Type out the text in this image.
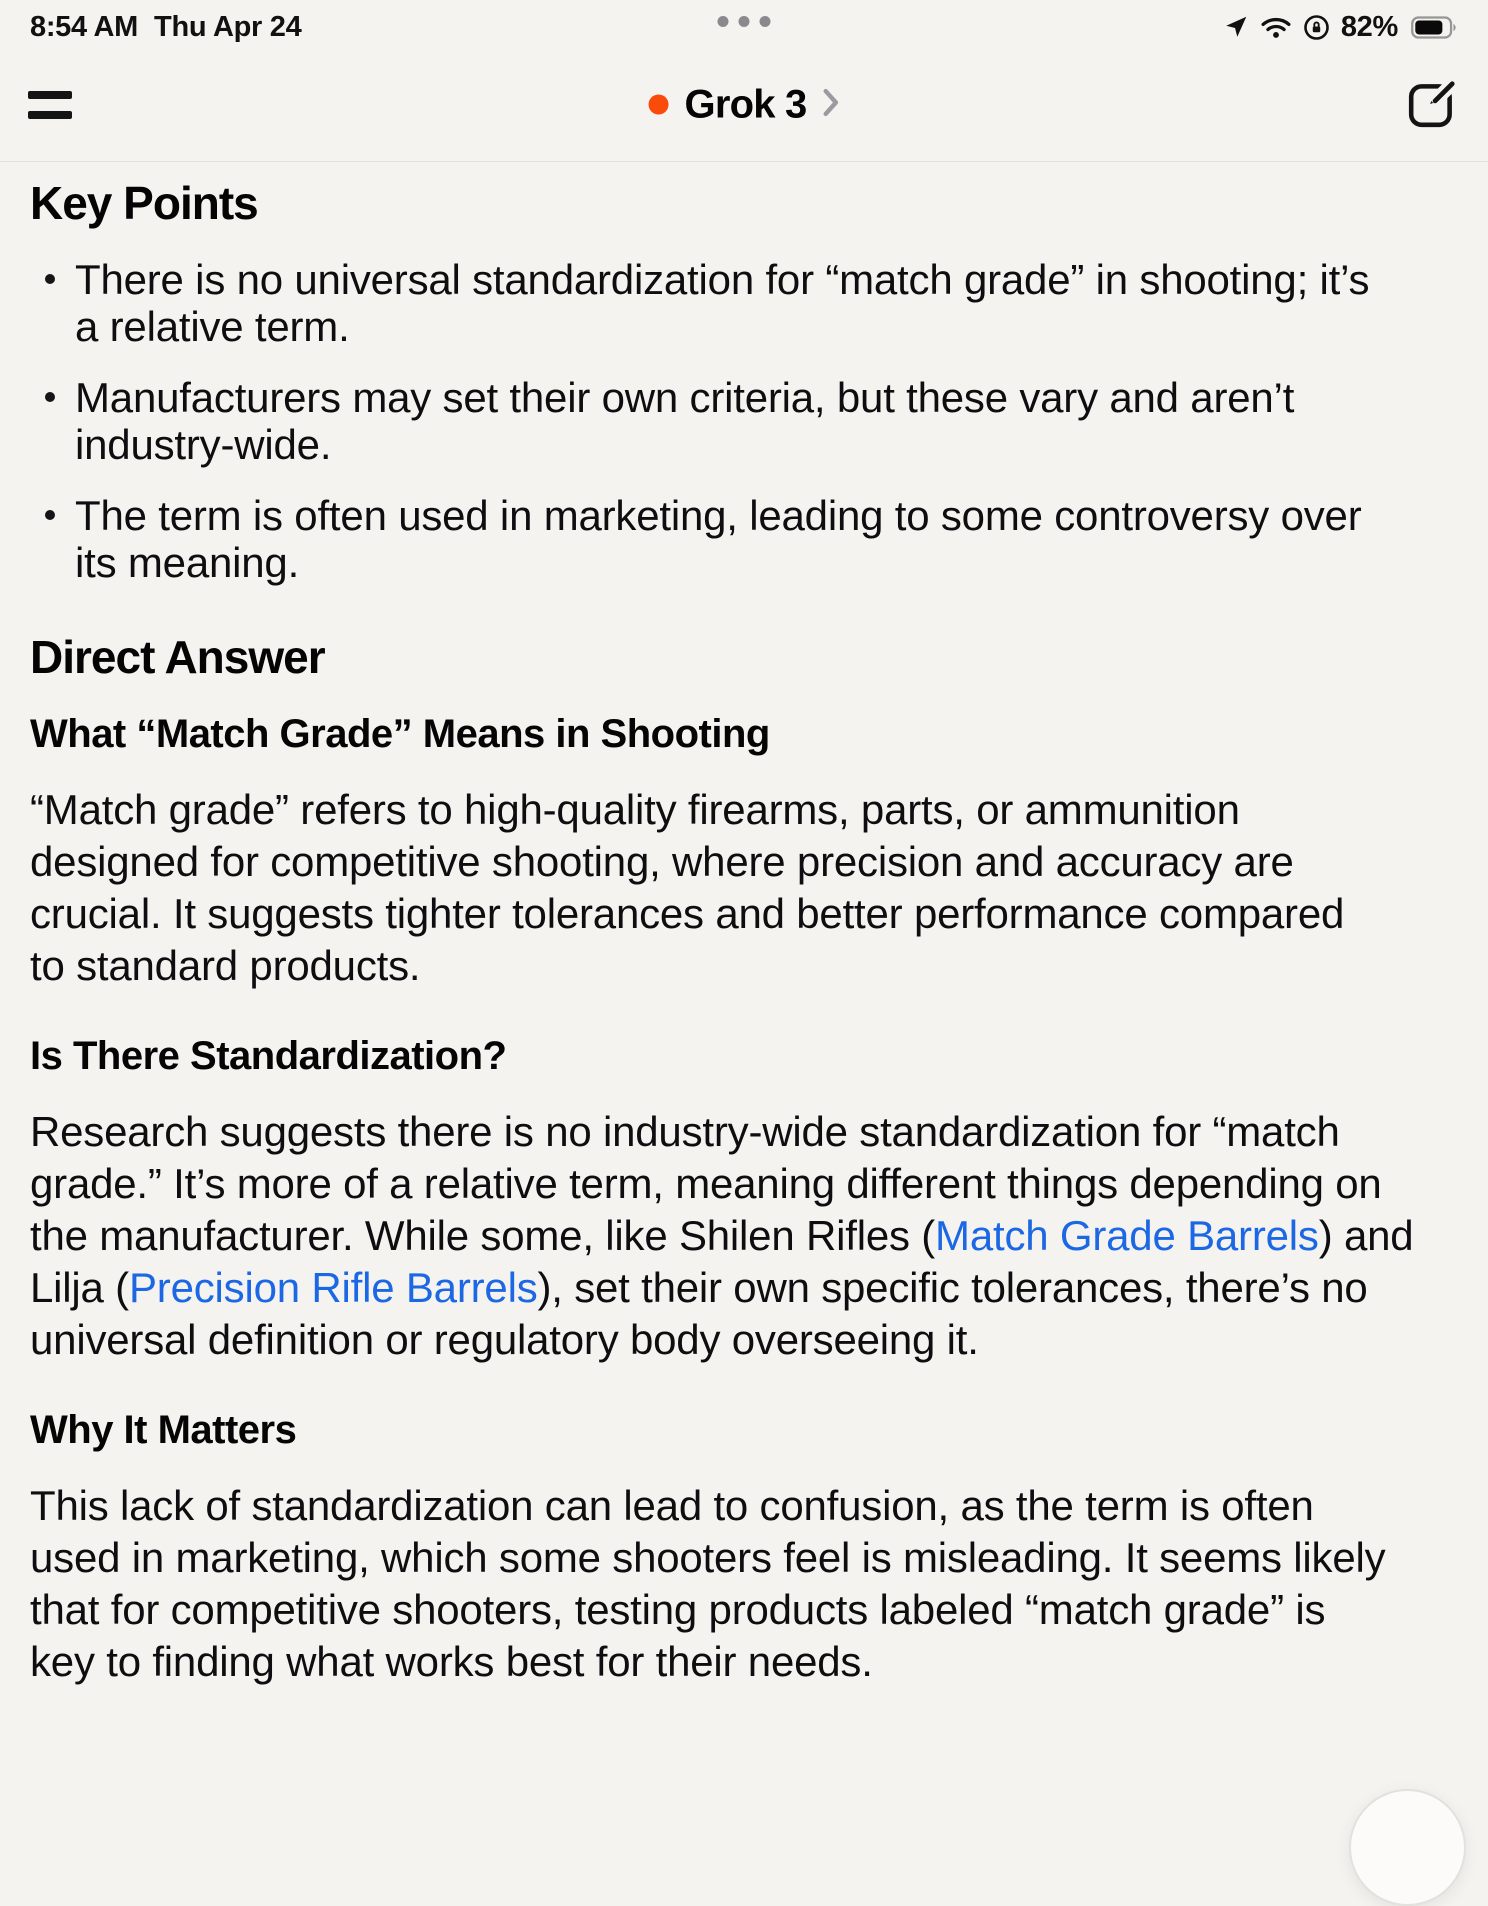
8:54 AM Thu Apr 24	82%
Grok 3
Key Points
There is no universal standardization for “match grade” in shooting; it’s
a relative term.
Manufacturers may set their own criteria, but these vary and aren’t
industry-wide.
The term is often used in marketing, leading to some controversy over
its meaning.
Direct Answer
What “Match Grade” Means in Shooting

“Match grade” refers to high-quality firearms, parts, or ammunition
designed for competitive shooting, where precision and accuracy are
crucial. It suggests tighter tolerances and better performance compared
to standard products.

Is There Standardization?

Research suggests there is no industry-wide standardization for “match
grade.” It’s more of a relative term, meaning different things depending on
the manufacturer. While some, like Shilen Rifles (Match Grade Barrels) and
Lilja (Precision Rifle Barrels), set their own specific tolerances, there’s no
universal definition or regulatory body overseeing it.

Why It Matters

This lack of standardization can lead to confusion, as the term is often
used in marketing, which some shooters feel is misleading. It seems likely
that for competitive shooters, testing products labeled “match grade” is
key to finding what works best for their needs.
